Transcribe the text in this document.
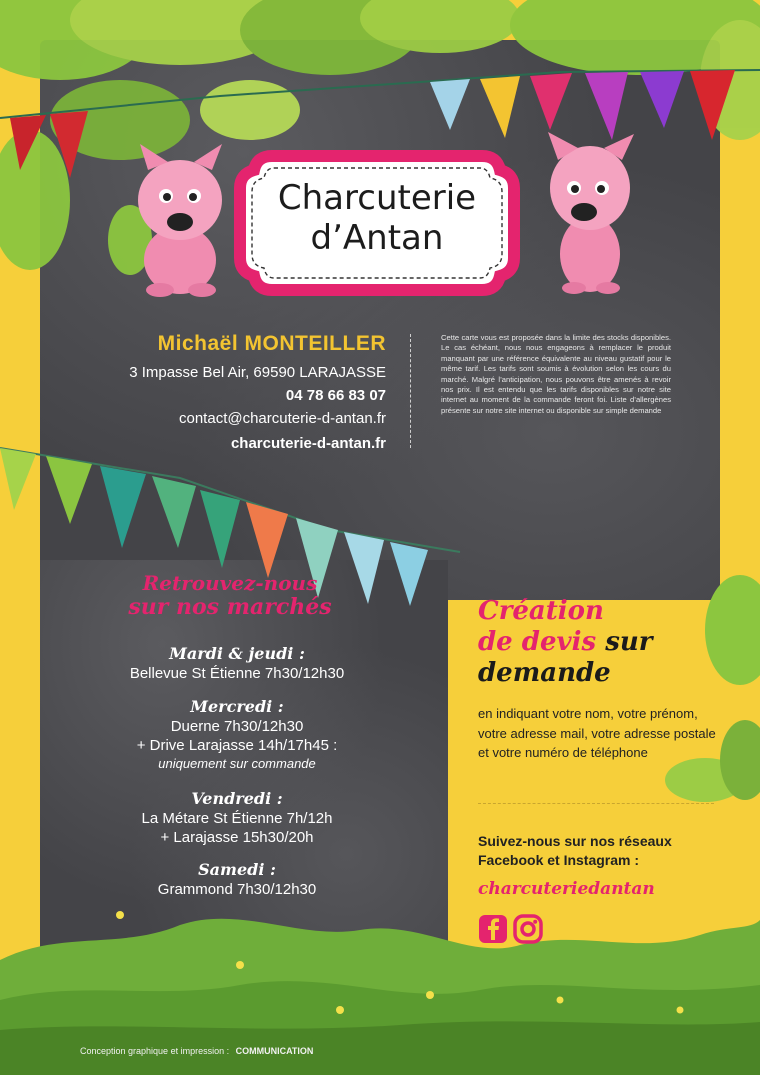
Charcuterie
d’Antan
Michaël MONTEILLER
3 Impasse Bel Air, 69590 LARAJASSE
04 78 66 83 07
contact@charcuterie-d-antan.fr
charcuterie-d-antan.fr
Cette carte vous est proposée dans la limite des stocks disponibles. Le cas échéant, nous nous engageons à remplacer le produit manquant par une référence équivalente au niveau gustatif pour le même tarif. Les tarifs sont soumis à évolution selon les cours du marché. Malgré l’anticipation, nous pouvons être amenés à revoir nos prix. Il est entendu que les tarifs disponibles sur notre site internet au moment de la commande feront foi. Liste d’allergènes présente sur notre site internet ou disponible sur simple demande
Retrouvez-nous
sur nos marchés
Mardi & jeudi :
Bellevue St Étienne 7h30/12h30
Mercredi :
Duerne 7h30/12h30
+ Drive Larajasse 14h/17h45 :
uniquement sur commande
Vendredi :
La Métare St Étienne 7h/12h
+ Larajasse 15h30/20h
Samedi :
Grammond 7h30/12h30
Création
de devis sur
demande
en indiquant votre nom, votre prénom, votre adresse mail, votre adresse postale et votre numéro de téléphone
Suivez-nous sur nos réseaux
Facebook et Instagram :
charcuteriedantan
Conception graphique et impression : COMMUNICATION
